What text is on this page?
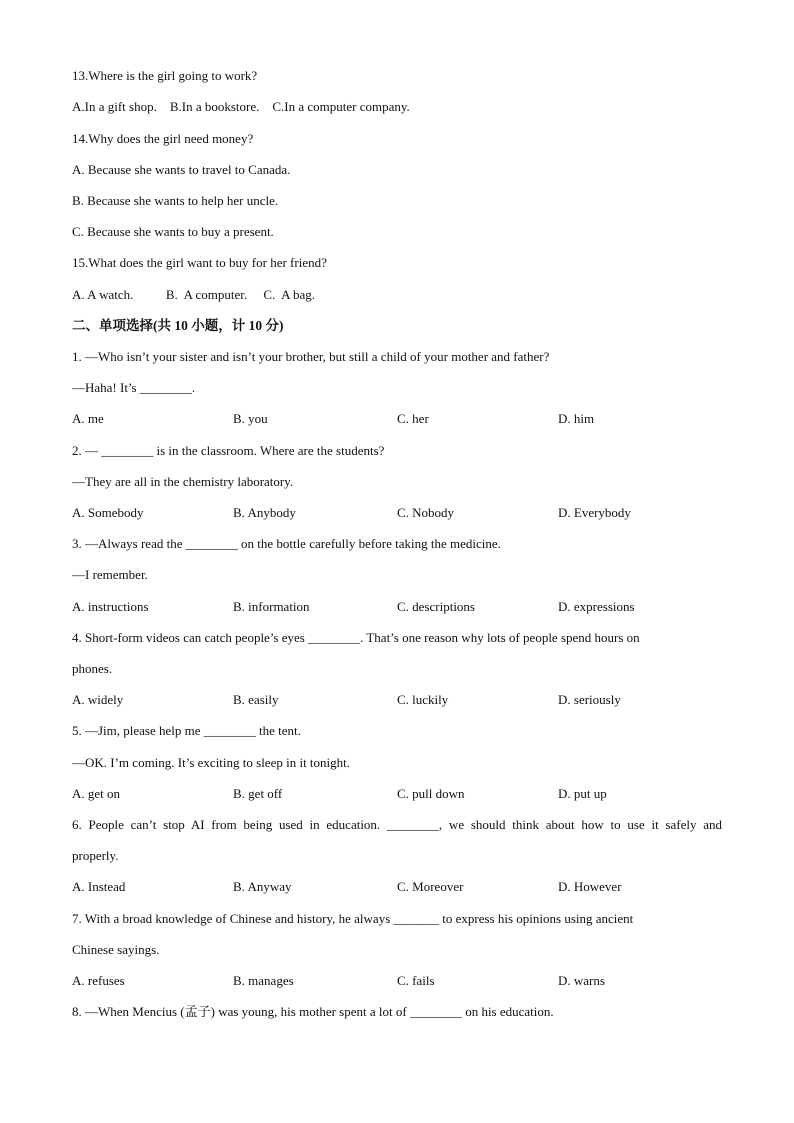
13.Where is the girl going to work?
A.In a gift shop.    B.In a bookstore.    C.In a computer company.
14.Why does the girl need money?
A. Because she wants to travel to Canada.
B. Because she wants to help her uncle.
C. Because she wants to buy a present.
15.What does the girl want to buy for her friend?
A. A watch.          B.  A computer.     C.  A bag.
二、单项选择(共 10 小题，计 10 分)
1. —Who isn’t your sister and isn’t your brother, but still a child of your mother and father?
—Haha! It’s ________.
A. me	B. you	C. her	D. him
2. — ________ is in the classroom. Where are the students?
—They are all in the chemistry laboratory.
A. Somebody	B. Anybody	C. Nobody	D. Everybody
3. —Always read the ________ on the bottle carefully before taking the medicine.
—I remember.
A. instructions	B. information	C. descriptions	D. expressions
4. Short-form videos can catch people’s eyes ________. That’s one reason why lots of people spend hours on
phones.
A. widely	B. easily	C. luckily	D. seriously
5. —Jim, please help me ________ the tent.
—OK. I’m coming. It’s exciting to sleep in it tonight.
A. get on	B. get off	C. pull down	D. put up
6. People can’t stop AI from being used in education. ________, we should think about how to use it safely and
properly.
A. Instead	B. Anyway	C. Moreover	D. However
7. With a broad knowledge of Chinese and history, he always _______ to express his opinions using ancient
Chinese sayings.
A. refuses	B. manages	C. fails	D. warns
8. —When Mencius (孟子) was young, his mother spent a lot of ________ on his education.
